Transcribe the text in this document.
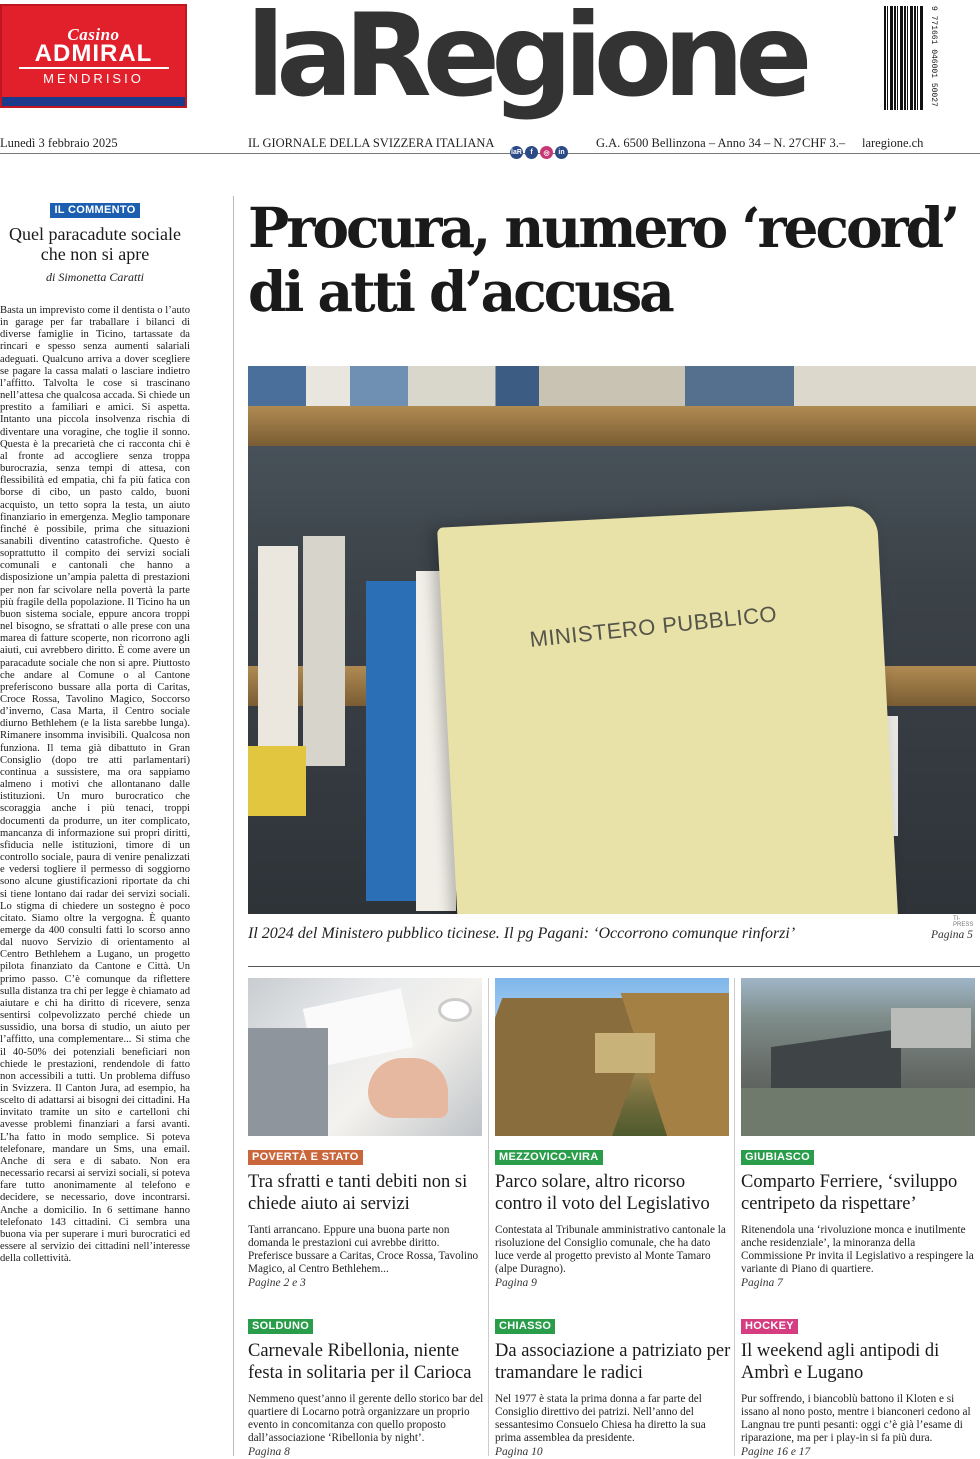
Casino
ADMIRAL
MENDRISIO laRegione	9 771661 046001 50027
Lunedì 3 febbraio 2025	IL GIORNALE DELLA SVIZZERA ITALIANA	G.A. 6500 Bellinzona – Anno 34 – N. 27 CHF 3.– laregione.ch
laR	f	◎	in
IL COMMENTO
Quel paracadute sociale che non si apre
di Simonetta Caratti
Basta un imprevisto come il dentista o l’auto in garage per far traballare i bilanci di diverse famiglie in Ticino, tartassate da rincari e spesso senza aumenti salariali adeguati. Qualcuno arriva a dover scegliere se pagare la cassa malati o lasciare indietro l’affitto. Talvolta le cose si trascinano nell’attesa che qualcosa accada. Si chiede un prestito a familiari e amici. Si aspetta. Intanto una piccola insolvenza rischia di diventare una voragine, che toglie il sonno. Questa è la precarietà che ci racconta chi è al fronte ad accogliere senza troppa burocrazia, senza tempi di attesa, con flessibilità ed empatia, chi fa più fatica con borse di cibo, un pasto caldo, buoni acquisto, un tetto sopra la testa, un aiuto finanziario in emergenza. Meglio tamponare finché è possibile, prima che situazioni sanabili diventino catastrofiche. Questo è soprattutto il compito dei servizi sociali comunali e cantonali che hanno a disposizione un’ampia paletta di prestazioni per non far scivolare nella povertà la parte più fragile della popolazione. Il Ticino ha un buon sistema sociale, eppure ancora troppi nel bisogno, se sfrattati o alle prese con una marea di fatture scoperte, non ricorrono agli aiuti, cui avrebbero diritto. È come avere un paracadute sociale che non si apre. Piuttosto che andare al Comune o al Cantone preferiscono bussare alla porta di Caritas, Croce Rossa, Tavolino Magico, Soccorso d’inverno, Casa Marta, il Centro sociale diurno Bethlehem (e la lista sarebbe lunga). Rimanere insomma invisibili. Qualcosa non funziona. Il tema già dibattuto in Gran Consiglio (dopo tre atti parlamentari) continua a sussistere, ma ora sappiamo almeno i motivi che allontanano dalle istituzioni. Un muro burocratico che scoraggia anche i più tenaci, troppi documenti da produrre, un iter complicato, mancanza di informazione sui propri diritti, sfiducia nelle istituzioni, timore di un controllo sociale, paura di venire penalizzati e vedersi togliere il permesso di soggiorno sono alcune giustificazioni riportate da chi si tiene lontano dai radar dei servizi sociali. Lo stigma di chiedere un sostegno è poco citato. Siamo oltre la vergogna. È quanto emerge da 400 consulti fatti lo scorso anno dal nuovo Servizio di orientamento al Centro Bethlehem a Lugano, un progetto pilota finanziato da Cantone e Città. Un primo passo. C’è comunque da riflettere sulla distanza tra chi per legge è chiamato ad aiutare e chi ha diritto di ricevere, senza sentirsi colpevolizzato perché chiede un sussidio, una borsa di studio, un aiuto per l’affitto, una complementare... Si stima che il 40-50% dei potenziali beneficiari non chiede le prestazioni, rendendole di fatto non accessibili a tutti. Un problema diffuso in Svizzera. Il Canton Jura, ad esempio, ha scelto di adattarsi ai bisogni dei cittadini. Ha invitato tramite un sito e cartellonì chi avesse problemi finanziari a farsi avanti. L’ha fatto in modo semplice. Si poteva telefonare, mandare un Sms, una email. Anche di sera e di sabato. Non era necessario recarsi ai servizi sociali, si poteva fare tutto anonimamente al telefono e decidere, se necessario, dove incontrarsi. Anche a domicilio. In 6 settimane hanno telefonato 143 cittadini. Ci sembra una buona via per superare i muri burocratici ed essere al servizio dei cittadini nell’interesse della collettività.
Procura, numero ‘record’ di atti d’accusa
MINISTERO PUBBLICO
TI-PRESS
Il 2024 del Ministero pubblico ticinese. Il pg Pagani: ‘Occorrono comunque rinforzi’	Pagina 5
POVERTÀ E STATO
Tra sfratti e tanti debiti non si chiede aiuto ai servizi
Tanti arrancano. Eppure una buona parte non domanda le prestazioni cui avrebbe diritto. Preferisce bussare a Caritas, Croce Rossa, Tavolino Magico, al Centro Bethlehem...
Pagine 2 e 3
MEZZOVICO-VIRA
Parco solare, altro ricorso contro il voto del Legislativo
Contestata al Tribunale amministrativo cantonale la risoluzione del Consiglio comunale, che ha dato luce verde al progetto previsto al Monte Tamaro (alpe Duragno).
Pagina 9
GIUBIASCO
Comparto Ferriere, ‘sviluppo centripeto da rispettare’
Ritenendola una ‘rivoluzione monca e inutilmente anche residenziale’, la minoranza della Commissione Pr invita il Legislativo a respingere la variante di Piano di quartiere.
Pagina 7
SOLDUNO
Carnevale Ribellonia, niente festa in solitaria per il Carioca
Nemmeno quest’anno il gerente dello storico bar del quartiere di Locarno potrà organizzare un proprio evento in concomitanza con quello proposto dall’associazione ‘Ribellonia by night’.
Pagina 8
CHIASSO
Da associazione a patriziato per tramandare le radici
Nel 1977 è stata la prima donna a far parte del Consiglio direttivo dei patrizi. Nell’anno del sessantesimo Consuelo Chiesa ha diretto la sua prima assemblea da presidente.
Pagina 10
HOCKEY
Il weekend agli antipodi di Ambrì e Lugano
Pur soffrendo, i biancoblù battono il Kloten e si issano al nono posto, mentre i bianconeri cedono al Langnau tre punti pesanti: oggi c’è già l’esame di riparazione, ma per i play-in si fa più dura.
Pagine 16 e 17
